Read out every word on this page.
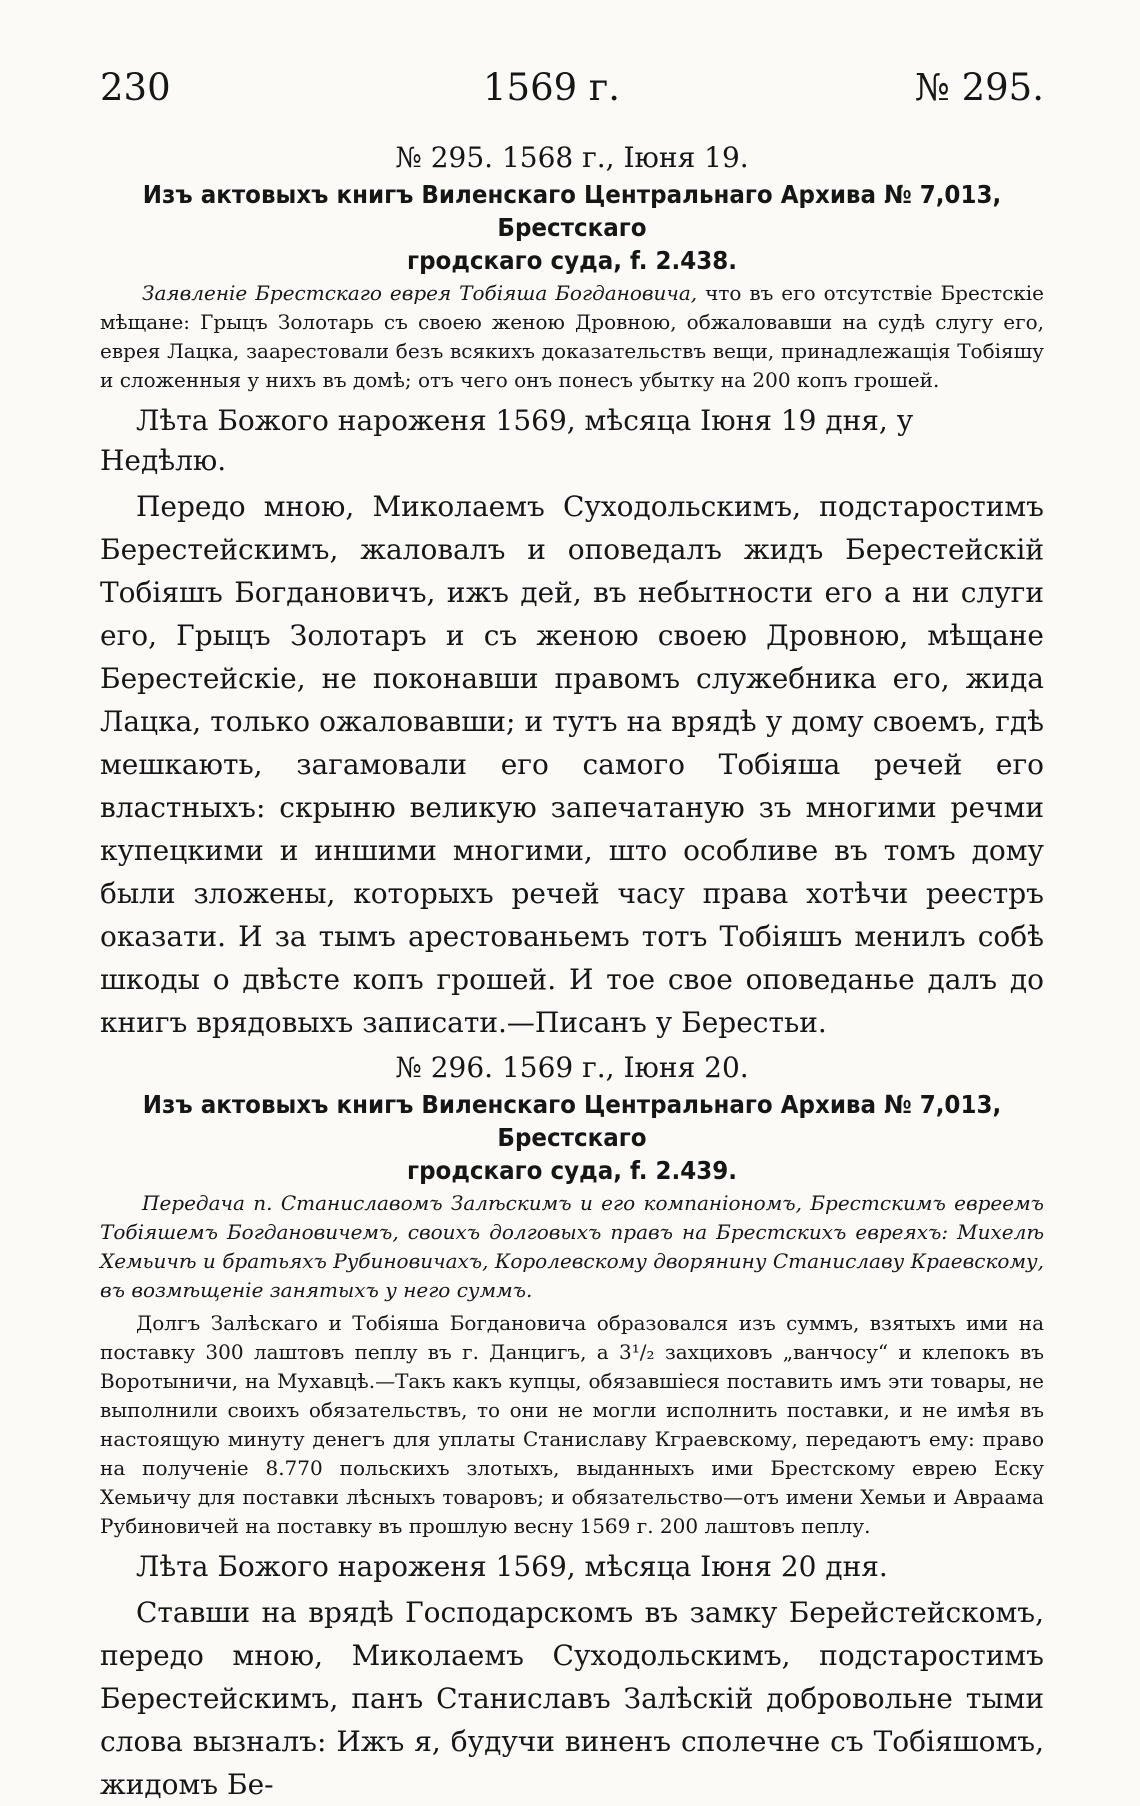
230	1569 г.	№ 295.
№ 295. 1568 г., Іюня 19.
Изъ актовыхъ книгъ Виленскаго Центральнаго Архива № 7,013, Брестскаго
гродскаго суда, f. 2.438.

Заявленіе Брестскаго еврея Тобіяша Богдановича, что въ его отсутствіе Брестскіе мѣщане: Грыцъ Золотарь съ своею женою Дровною, обжаловавши на судѣ слугу его, еврея Лацка, заарестовали безъ всякихъ доказательствъ вещи, принадлежащія Тобіяшу и сложенныя у нихъ въ домѣ; отъ чего онъ понесъ убытку на 200 копъ грошей.

Лѣта Божого нароженя 1569, мѣсяца Іюня 19 дня, у Недѣлю.

Передо мною, Миколаемъ Суходольскимъ, подстаростимъ Берестейскимъ, жаловалъ и оповедалъ жидъ Берестейскій Тобіяшъ Богдановичъ, ижъ дей, въ небытности его а ни слуги его, Грыцъ Золотаръ и съ женою своею Дровною, мѣщане Берестейскіе, не поконавши правомъ служебника его, жида Лацка, только ожаловавши; и тутъ на врядѣ у дому своемъ, гдѣ мешкають, загамовали его самого Тобіяша речей его властныхъ: скрыню великую запечатаную зъ многими речми купецкими и иншими многими, што особливе въ томъ дому были зложены, которыхъ речей часу права хотѣчи реестръ оказати. И за тымъ арестованьемъ тотъ Тобіяшъ менилъ собѣ шкоды о двѣсте копъ грошей. И тое свое оповеданье далъ до книгъ врядовыхъ записати.—Писанъ у Берестьи.

№ 296. 1569 г., Іюня 20.
Изъ актовыхъ книгъ Виленскаго Центральнаго Архива № 7,013, Брестскаго
гродскаго суда, f. 2.439.

Передача п. Станиславомъ Залѣскимъ и его компаніономъ, Брестскимъ евреемъ Тобіяшемъ Богдановичемъ, своихъ долговыхъ правъ на Брестскихъ евреяхъ: Михелѣ Хемьичѣ и братьяхъ Рубиновичахъ, Королевскому дворянину Станиславу Краевскому, въ возмѣщеніе занятыхъ у него суммъ.

Долгъ Залѣскаго и Тобіяша Богдановича образовался изъ суммъ, взятыхъ ими на поставку 300 лаштовъ пеплу въ г. Данцигъ, а 3¹/₂ захциховъ „ванчосу“ и клепокъ въ Воротыничи, на Мухавцѣ.—Такъ какъ купцы, обязавшіеся поставить имъ эти товары, не выполнили своихъ обязательствъ, то они не могли исполнить поставки, и не имѣя въ настоящую минуту денегъ для уплаты Станиславу Кграевскому, передаютъ ему: право на полученіе 8.770 польскихъ злотыхъ, выданныхъ ими Брестскому еврею Еску Хемьичу для поставки лѣсныхъ товаровъ; и обязательство—отъ имени Хемьи и Авраама Рубиновичей на поставку въ прошлую весну 1569 г. 200 лаштовъ пеплу.

Лѣта Божого нароженя 1569, мѣсяца Іюня 20 дня.

Ставши на врядѣ Господарскомъ въ замку Берейстейскомъ, передо мною, Миколаемъ Суходольскимъ, подстаростимъ Берестейскимъ, панъ Станиславъ Залѣскій добровольне тыми слова вызналъ: Ижъ я, будучи виненъ сполечне съ Тобіяшомъ, жидомъ Бе-
